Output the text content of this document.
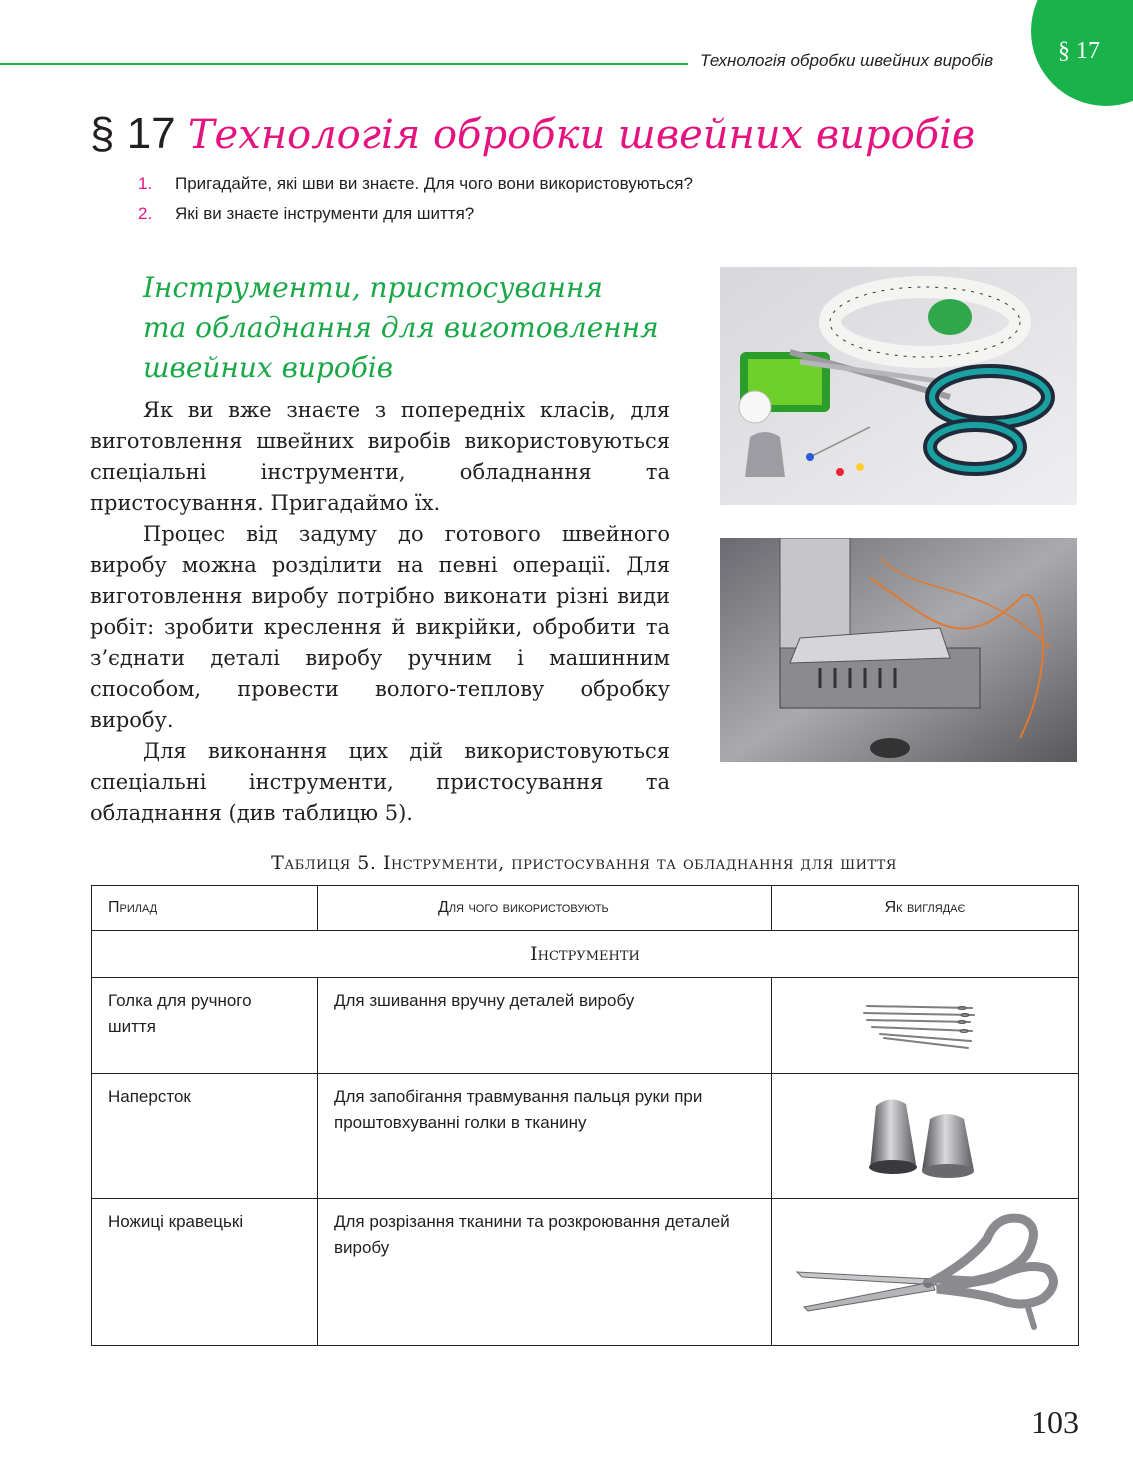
Технологія обробки швейних виробів	§ 17
§ 17 Технологія обробки швейних виробів
1. Пригадайте, які шви ви знаєте. Для чого вони використовуються?
2. Які ви знаєте інструменти для шиття?
Інструменти, пристосування
та обладнання для виготовлення
швейних виробів

Як ви вже знаєте з попередніх класів, для виготовлення швейних виробів використовуються спеціальні інструменти, обладнання та пристосування. Пригадаймо їх.

Процес від задуму до готового швейного виробу можна розділити на певні операції. Для виготовлення виробу потрібно виконати різні види робіт: зробити креслення й викрійки, обробити та з’єднати деталі виробу ручним і машинним способом, провести волого-теплову обробку виробу.

Для виконання цих дій використовуються спеціальні інструменти, пристосування та обладнання (див таблицю 5).

Таблиця 5. Інструменти, пристосування та обладнання для шиття
Прилад	Для чого використовують	Як виглядає
Інструменти		
Голка для ручного шиття	Для зшивання вручну деталей виробу	

Наперсток	Для запобігання травмування пальця руки при проштовхуванні голки в тканину	

Ножиці кравецькі	Для розрізання тканини та розкроювання деталей виробу	
103
